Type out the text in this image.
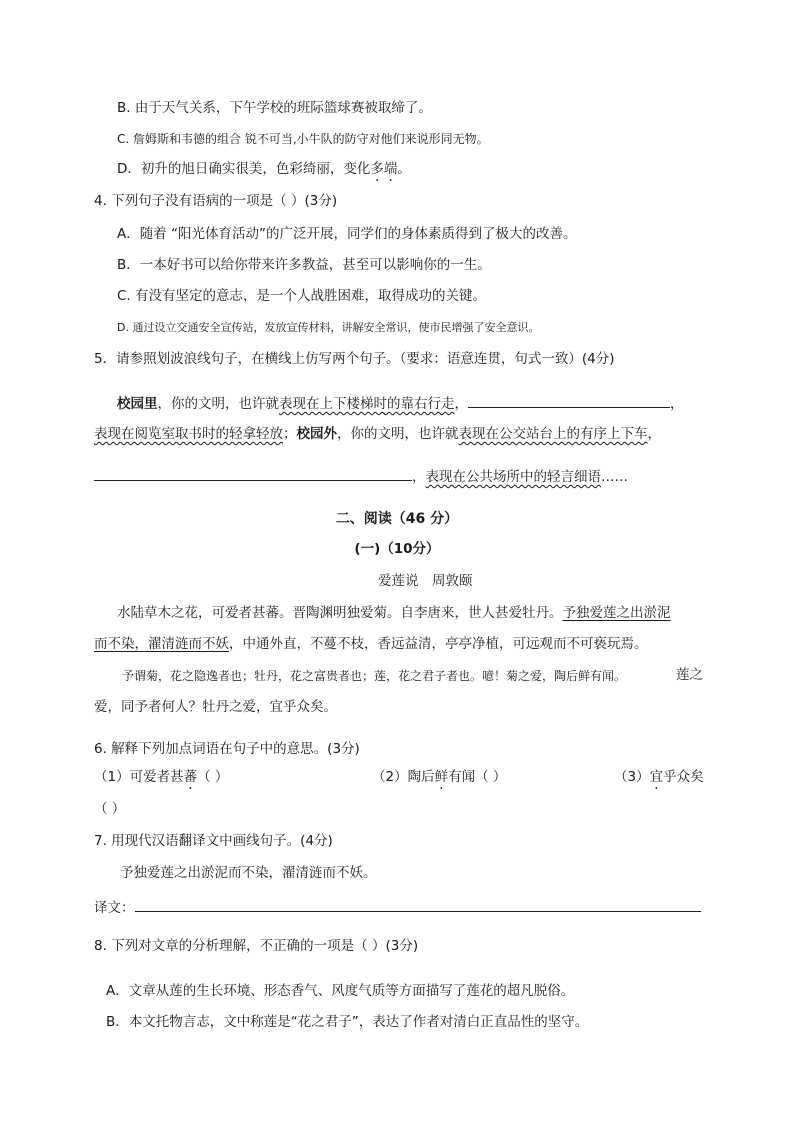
B. 由于天气关系，下午学校的班际篮球赛被取缔了。
C. 詹姆斯和韦德的组合 锐不可当,小牛队的防守对他们来说形同无物。
D．初升的旭日确实很美，色彩绮丽，变化多端。
4. 下列句子没有语病的一项是（ ）(3分)
A．随着 “阳光体育活动”的广泛开展，同学们的身体素质得到了极大的改善。
B．一本好书可以给你带来许多教益，甚至可以影响你的一生。
C. 有没有坚定的意志，是一个人战胜困难，取得成功的关键。
D. 通过设立交通安全宣传站，发放宣传材料，讲解安全常识，使市民增强了安全意识。
5．请参照划波浪线句子，在横线上仿写两个句子。（要求：语意连贯，句式一致）(4分)
校园里，你的文明，也许就表现在上下楼梯时的靠右行走，	，
表现在阅览室取书时的轻拿轻放；校园外，你的文明，也许就表现在公交站台上的有序上下车，
，表现在公共场所中的轻言细语……
二、阅读（46 分）
(一)（10分）
爱莲说　周敦颐
水陆草木之花，可爱者甚蕃。晋陶渊明独爱菊。自李唐来，世人甚爱牡丹。予独爱莲之出淤泥
而不染，濯清涟而不妖，中通外直，不蔓不枝，香远益清，亭亭净植，可远观而不可亵玩焉。
予谓菊，花之隐逸者也；牡丹，花之富贵者也；莲，花之君子者也。噫！菊之爱，陶后鲜有闻。	莲之
爱，同予者何人？牡丹之爱，宜乎众矣。
6. 解释下列加点词语在句子中的意思。(3分)
（1）可爱者甚蕃（ ）	（2）陶后鲜有闻（ ）	（3）宜乎众矣
（ ）
7. 用现代汉语翻译文中画线句子。(4分)
予独爱莲之出淤泥而不染，濯清涟而不妖。
译文：
8. 下列对文章的分析理解，不正确的一项是（ ）(3分)
A．文章从莲的生长环境、形态香气、风度气质等方面描写了莲花的超凡脱俗。
B．本文托物言志，文中称莲是“花之君子”，表达了作者对清白正直品性的坚守。
